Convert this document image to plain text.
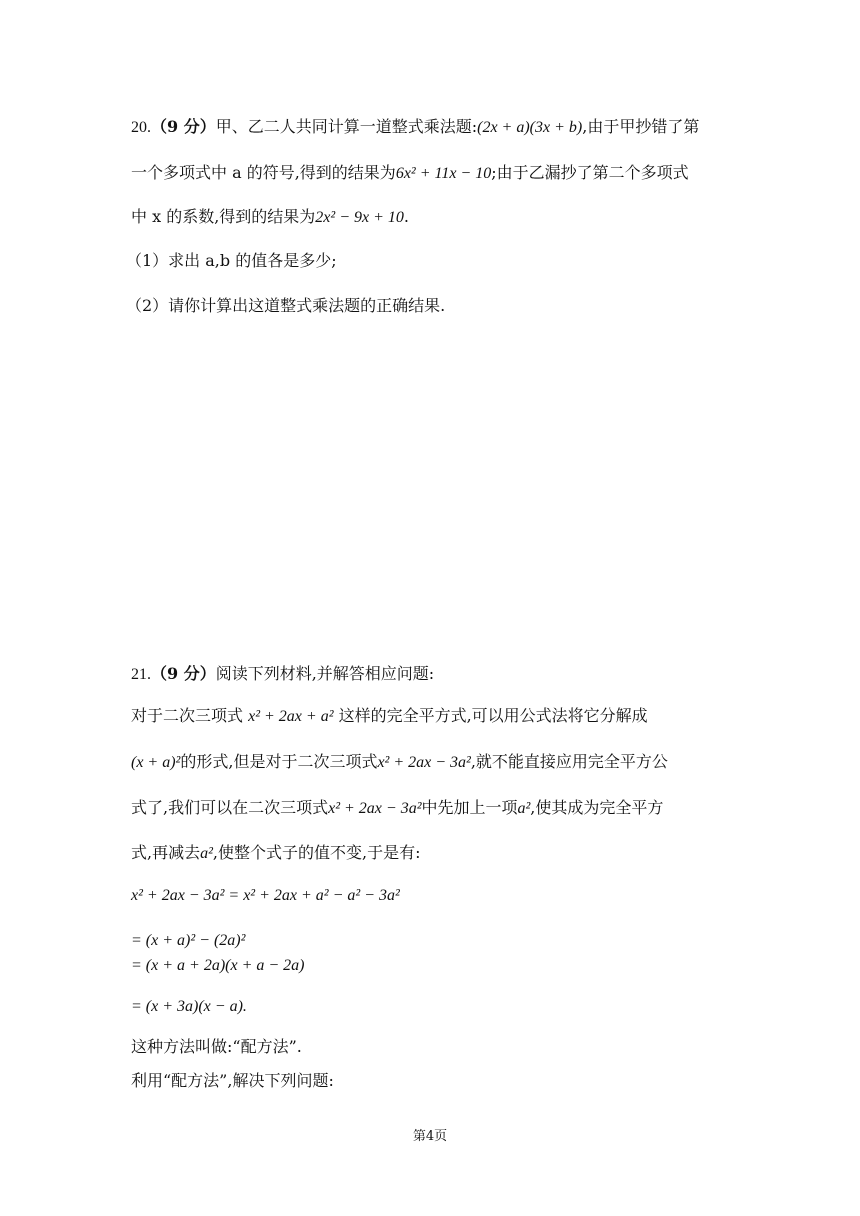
20.（9 分）甲、乙二人共同计算一道整式乘法题:(2x + a)(3x + b),由于甲抄错了第
一个多项式中 a 的符号,得到的结果为6x² + 11x − 10;由于乙漏抄了第二个多项式
中 x 的系数,得到的结果为2x² − 9x + 10.
（1）求出 a,b 的值各是多少;
（2）请你计算出这道整式乘法题的正确结果.
21.（9 分）阅读下列材料,并解答相应问题:
对于二次三项式 x² + 2ax + a² 这样的完全平方式,可以用公式法将它分解成
(x + a)²的形式,但是对于二次三项式x² + 2ax − 3a²,就不能直接应用完全平方公
式了,我们可以在二次三项式x² + 2ax − 3a²中先加上一项a²,使其成为完全平方
式,再减去a²,使整个式子的值不变,于是有:
x² + 2ax − 3a² = x² + 2ax + a² − a² − 3a²
= (x + a)² − (2a)²
= (x + a + 2a)(x + a − 2a)
= (x + 3a)(x − a).
这种方法叫做:“配方法”.
利用“配方法”,解决下列问题:
第4页
